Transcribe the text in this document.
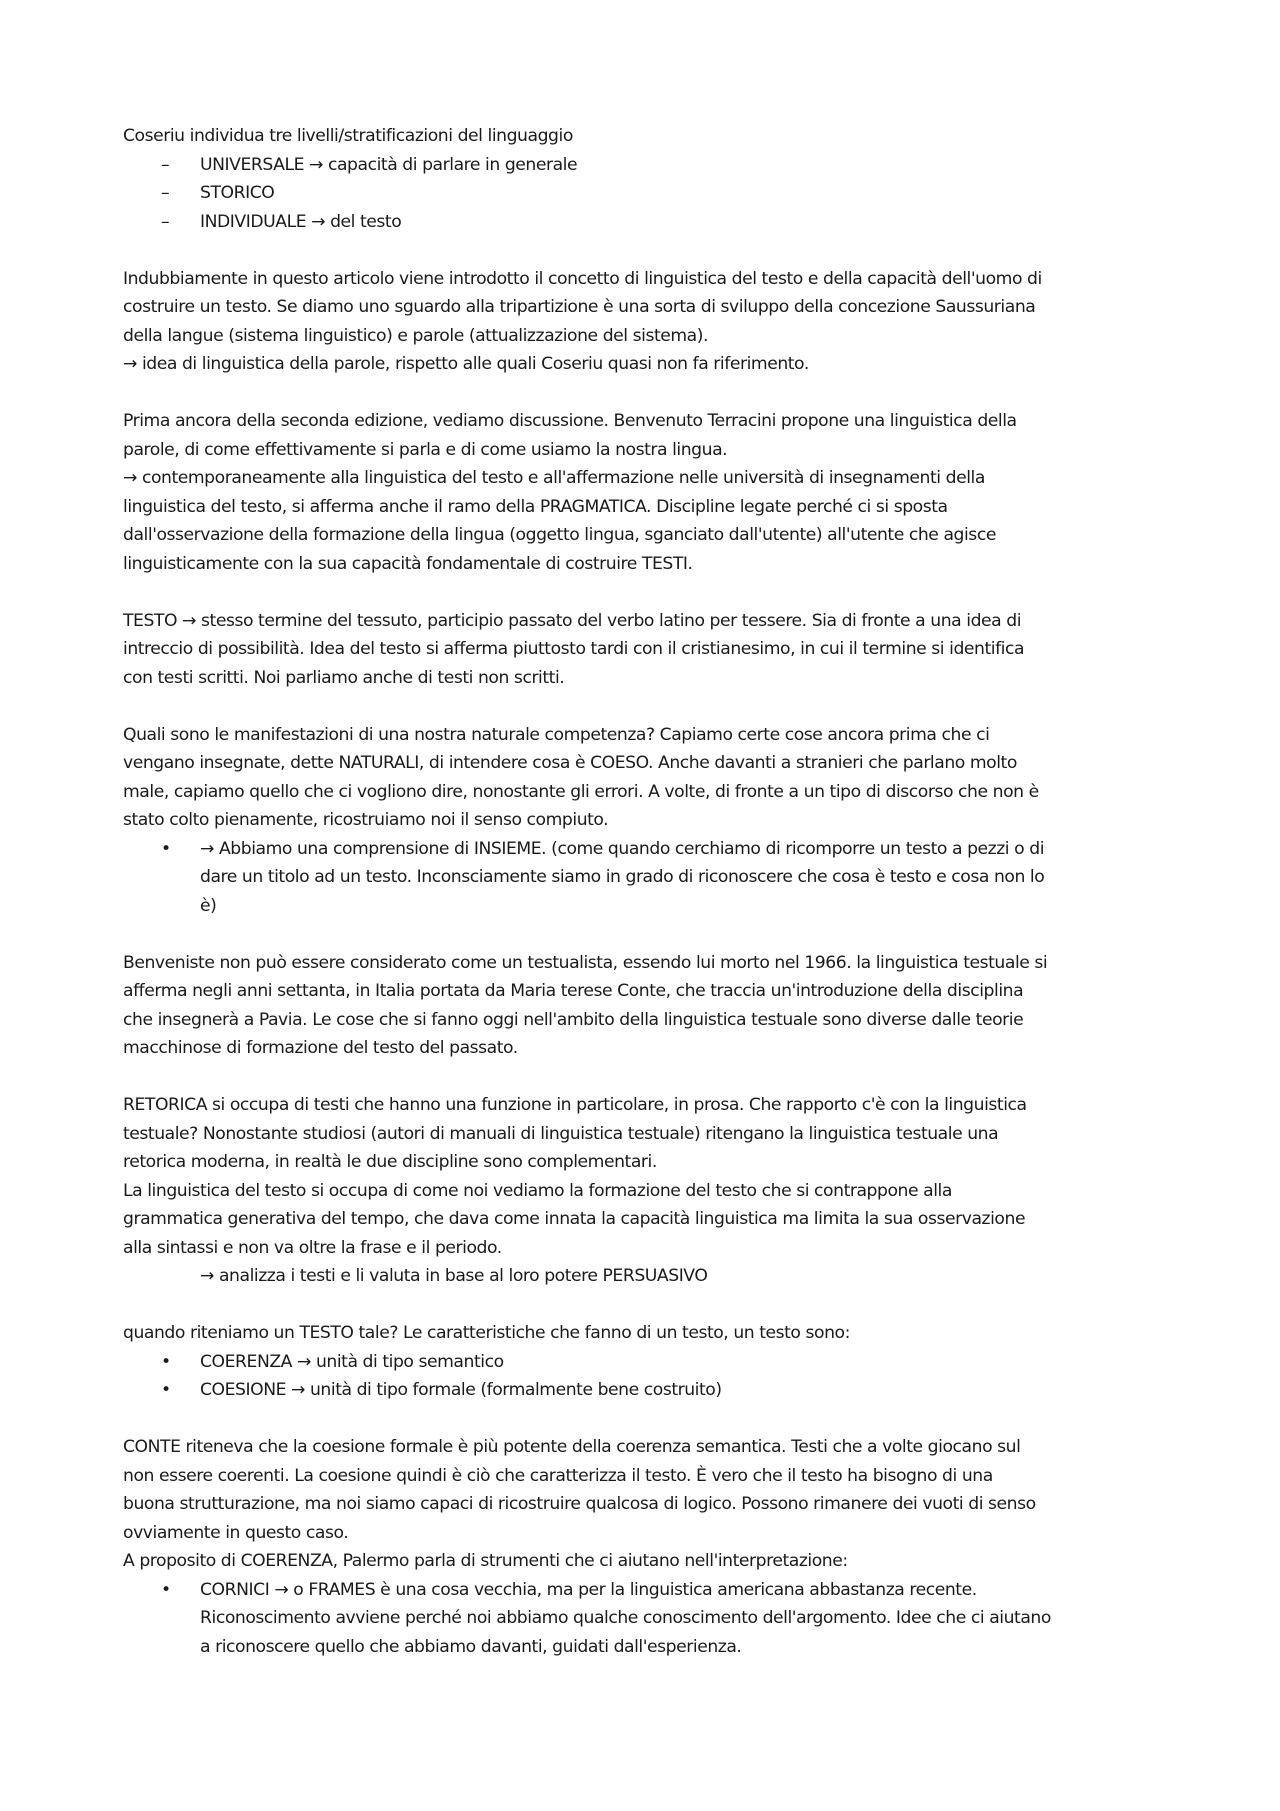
Coseriu individua tre livelli/stratificazioni del linguaggio

– UNIVERSALE → capacità di parlare in generale
– STORICO
– INDIVIDUALE → del testo

Indubbiamente in questo articolo viene introdotto il concetto di linguistica del testo e della capacità dell'uomo di

costruire un testo. Se diamo uno sguardo alla tripartizione è una sorta di sviluppo della concezione Saussuriana

della langue (sistema linguistico) e parole (attualizzazione del sistema).

→ idea di linguistica della parole, rispetto alle quali Coseriu quasi non fa riferimento.

Prima ancora della seconda edizione, vediamo discussione. Benvenuto Terracini propone una linguistica della

parole, di come effettivamente si parla e di come usiamo la nostra lingua.

→ contemporaneamente alla linguistica del testo e all'affermazione nelle università di insegnamenti della

linguistica del testo, si afferma anche il ramo della PRAGMATICA. Discipline legate perché ci si sposta

dall'osservazione della formazione della lingua (oggetto lingua, sganciato dall'utente) all'utente che agisce

linguisticamente con la sua capacità fondamentale di costruire TESTI.

TESTO → stesso termine del tessuto, participio passato del verbo latino per tessere. Sia di fronte a una idea di

intreccio di possibilità. Idea del testo si afferma piuttosto tardi con il cristianesimo, in cui il termine si identifica

con testi scritti. Noi parliamo anche di testi non scritti.

Quali sono le manifestazioni di una nostra naturale competenza? Capiamo certe cose ancora prima che ci

vengano insegnate, dette NATURALI, di intendere cosa è COESO. Anche davanti a stranieri che parlano molto

male, capiamo quello che ci vogliono dire, nonostante gli errori. A volte, di fronte a un tipo di discorso che non è

stato colto pienamente, ricostruiamo noi il senso compiuto.

• → Abbiamo una comprensione di INSIEME. (come quando cerchiamo di ricomporre un testo a pezzi o di

dare un titolo ad un testo. Inconsciamente siamo in grado di riconoscere che cosa è testo e cosa non lo

è)

Benveniste non può essere considerato come un testualista, essendo lui morto nel 1966. la linguistica testuale si

afferma negli anni settanta, in Italia portata da Maria terese Conte, che traccia un'introduzione della disciplina

che insegnerà a Pavia. Le cose che si fanno oggi nell'ambito della linguistica testuale sono diverse dalle teorie

macchinose di formazione del testo del passato.

RETORICA si occupa di testi che hanno una funzione in particolare, in prosa. Che rapporto c'è con la linguistica

testuale? Nonostante studiosi (autori di manuali di linguistica testuale) ritengano la linguistica testuale una

retorica moderna, in realtà le due discipline sono complementari.

La linguistica del testo si occupa di come noi vediamo la formazione del testo che si contrappone alla

grammatica generativa del tempo, che dava come innata la capacità linguistica ma limita la sua osservazione

alla sintassi e non va oltre la frase e il periodo.

→ analizza i testi e li valuta in base al loro potere PERSUASIVO

quando riteniamo un TESTO tale? Le caratteristiche che fanno di un testo, un testo sono:

• COERENZA → unità di tipo semantico
• COESIONE → unità di tipo formale (formalmente bene costruito)

CONTE riteneva che la coesione formale è più potente della coerenza semantica. Testi che a volte giocano sul

non essere coerenti. La coesione quindi è ciò che caratterizza il testo. È vero che il testo ha bisogno di una

buona strutturazione, ma noi siamo capaci di ricostruire qualcosa di logico. Possono rimanere dei vuoti di senso

ovviamente in questo caso.

A proposito di COERENZA, Palermo parla di strumenti che ci aiutano nell'interpretazione:

• CORNICI → o FRAMES è una cosa vecchia, ma per la linguistica americana abbastanza recente.

Riconoscimento avviene perché noi abbiamo qualche conoscimento dell'argomento. Idee che ci aiutano

a riconoscere quello che abbiamo davanti, guidati dall'esperienza.
